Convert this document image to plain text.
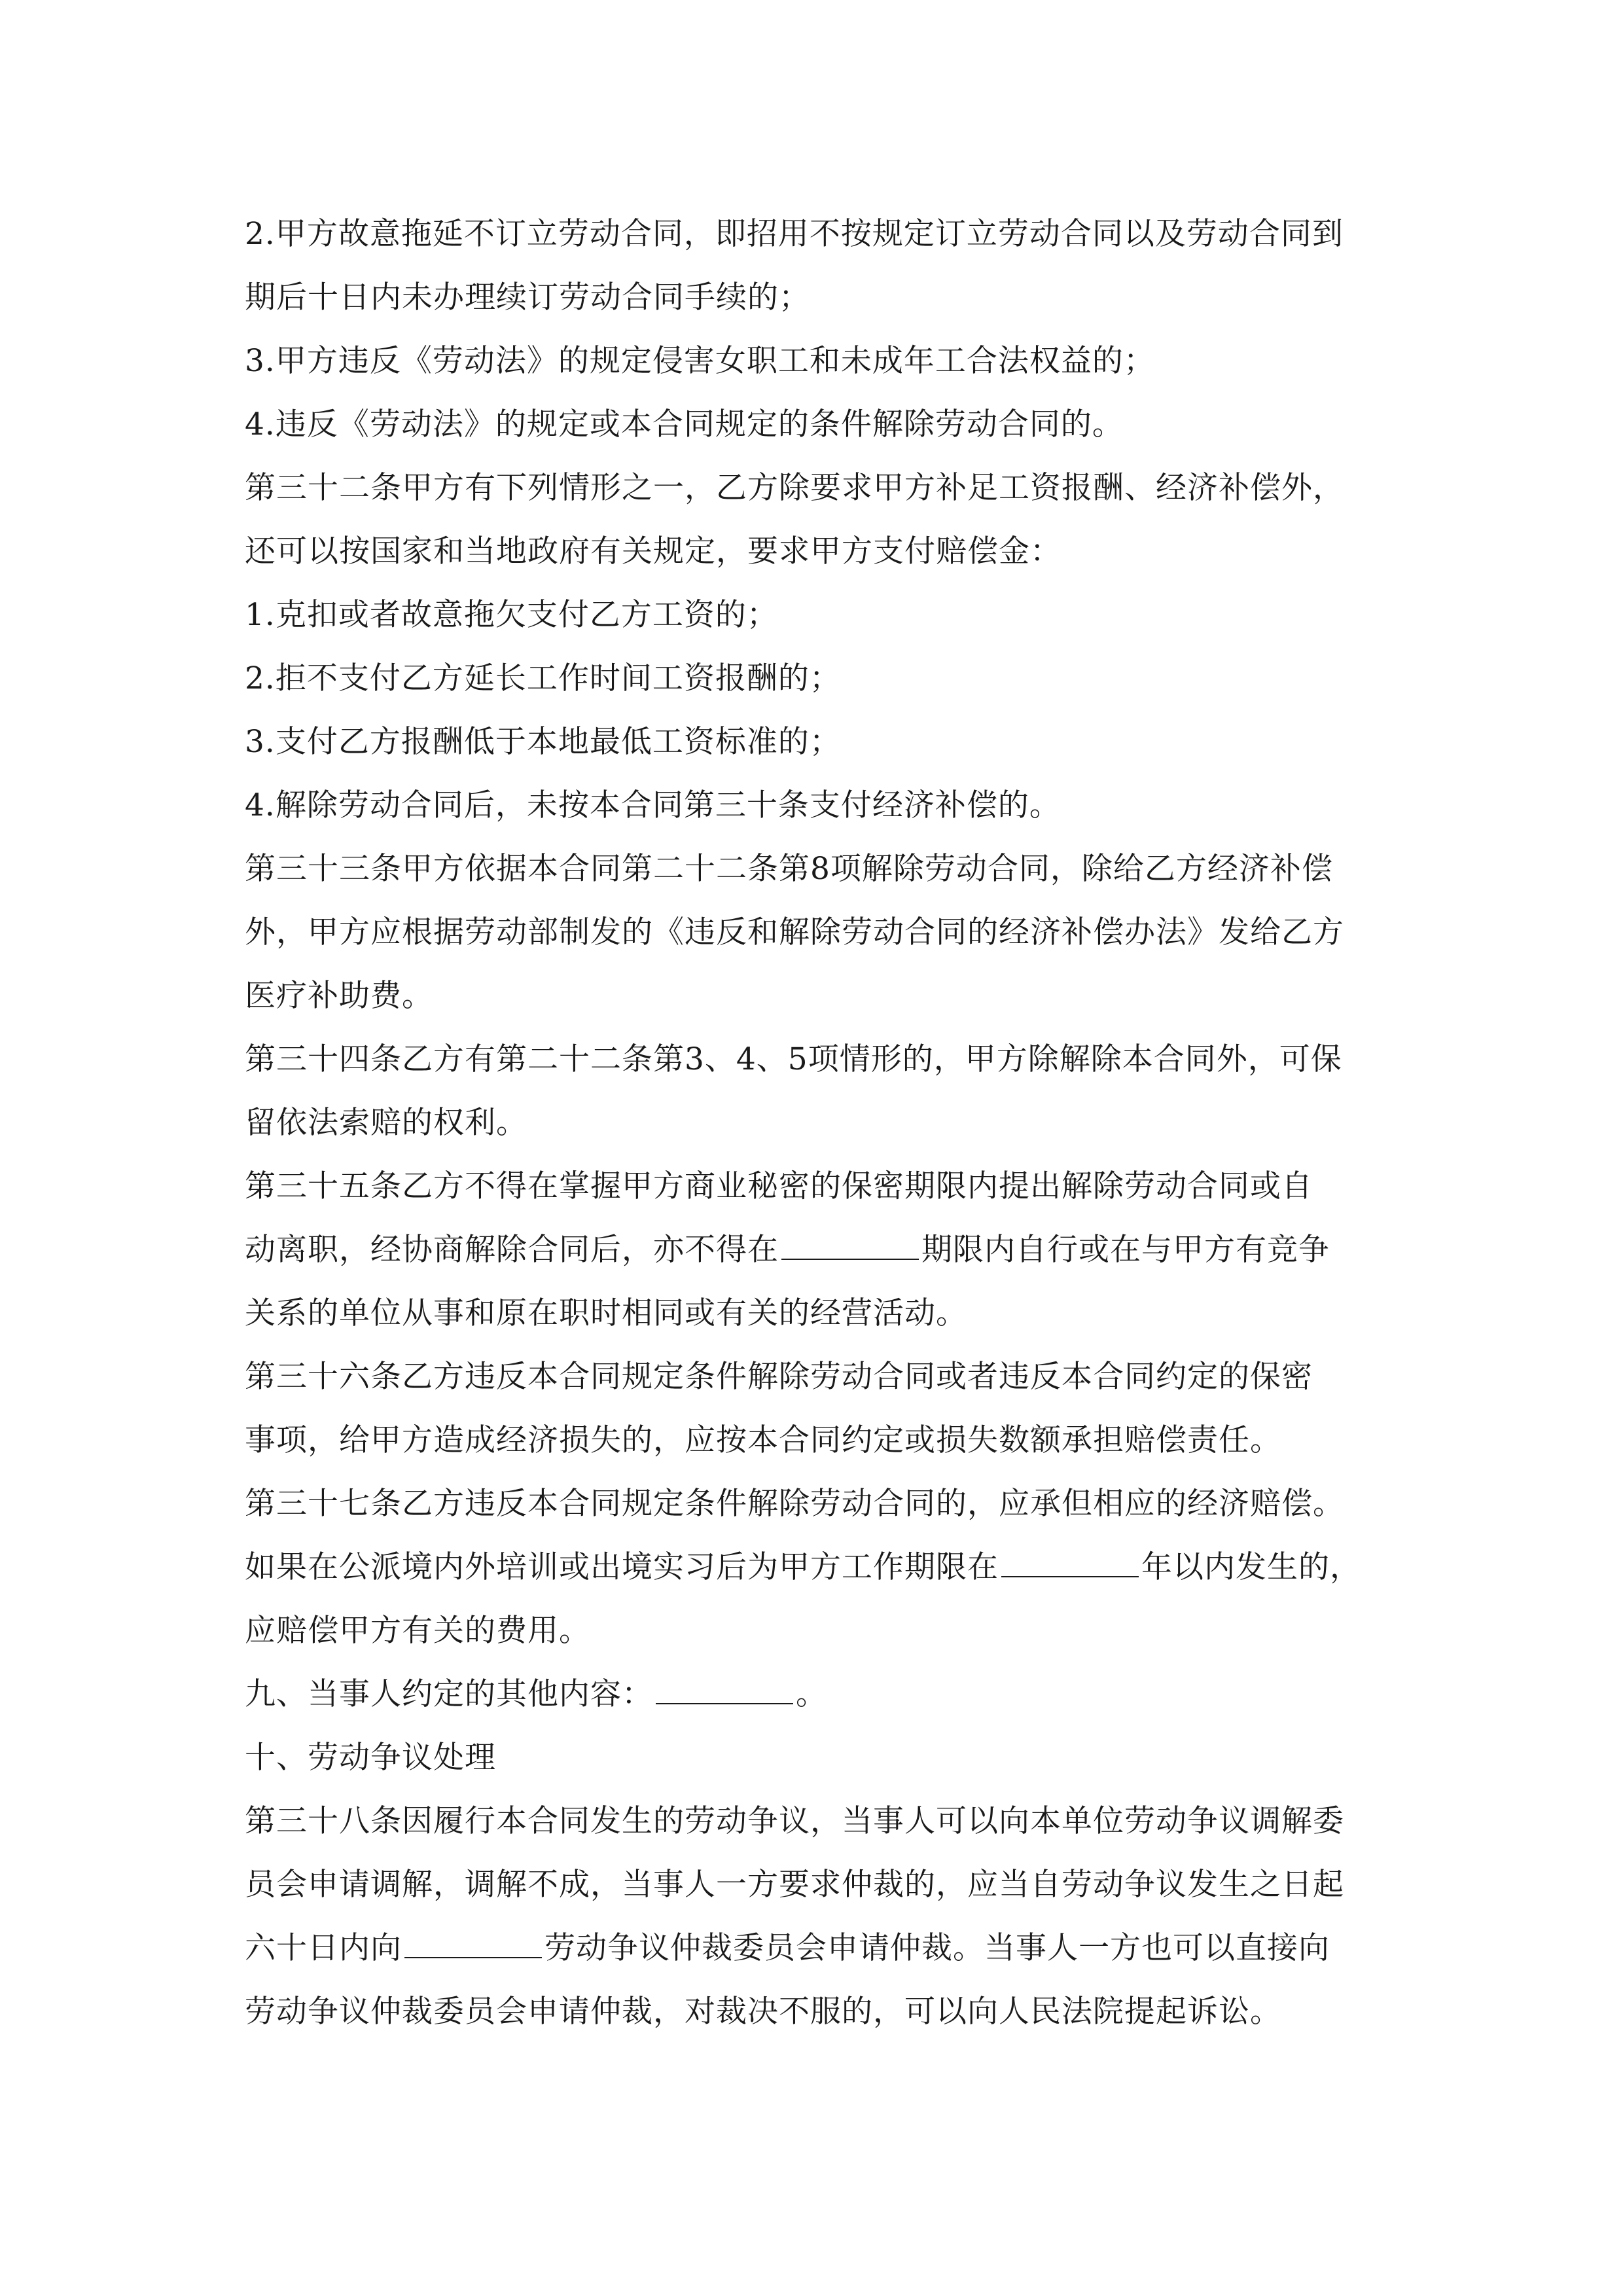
2.甲方故意拖延不订立劳动合同，即招用不按规定订立劳动合同以及劳动合同到
期后十日内未办理续订劳动合同手续的；
3.甲方违反《劳动法》的规定侵害女职工和未成年工合法权益的；
4.违反《劳动法》的规定或本合同规定的条件解除劳动合同的。
第三十二条甲方有下列情形之一，乙方除要求甲方补足工资报酬、经济补偿外，
还可以按国家和当地政府有关规定，要求甲方支付赔偿金：
1.克扣或者故意拖欠支付乙方工资的；
2.拒不支付乙方延长工作时间工资报酬的；
3.支付乙方报酬低于本地最低工资标准的；
4.解除劳动合同后，未按本合同第三十条支付经济补偿的。
第三十三条甲方依据本合同第二十二条第8项解除劳动合同，除给乙方经济补偿
外，甲方应根据劳动部制发的《违反和解除劳动合同的经济补偿办法》发给乙方
医疗补助费。
第三十四条乙方有第二十二条第3、4、5项情形的，甲方除解除本合同外，可保
留依法索赔的权利。
第三十五条乙方不得在掌握甲方商业秘密的保密期限内提出解除劳动合同或自
动离职，经协商解除合同后，亦不得在	期限内自行或在与甲方有竞争
关系的单位从事和原在职时相同或有关的经营活动。
第三十六条乙方违反本合同规定条件解除劳动合同或者违反本合同约定的保密
事项，给甲方造成经济损失的，应按本合同约定或损失数额承担赔偿责任。
第三十七条乙方违反本合同规定条件解除劳动合同的，应承但相应的经济赔偿。
如果在公派境内外培训或出境实习后为甲方工作期限在	年以内发生的，
应赔偿甲方有关的费用。
九、当事人约定的其他内容：	。
十、劳动争议处理
第三十八条因履行本合同发生的劳动争议，当事人可以向本单位劳动争议调解委
员会申请调解，调解不成，当事人一方要求仲裁的，应当自劳动争议发生之日起
六十日内向	劳动争议仲裁委员会申请仲裁。当事人一方也可以直接向
劳动争议仲裁委员会申请仲裁，对裁决不服的，可以向人民法院提起诉讼。
